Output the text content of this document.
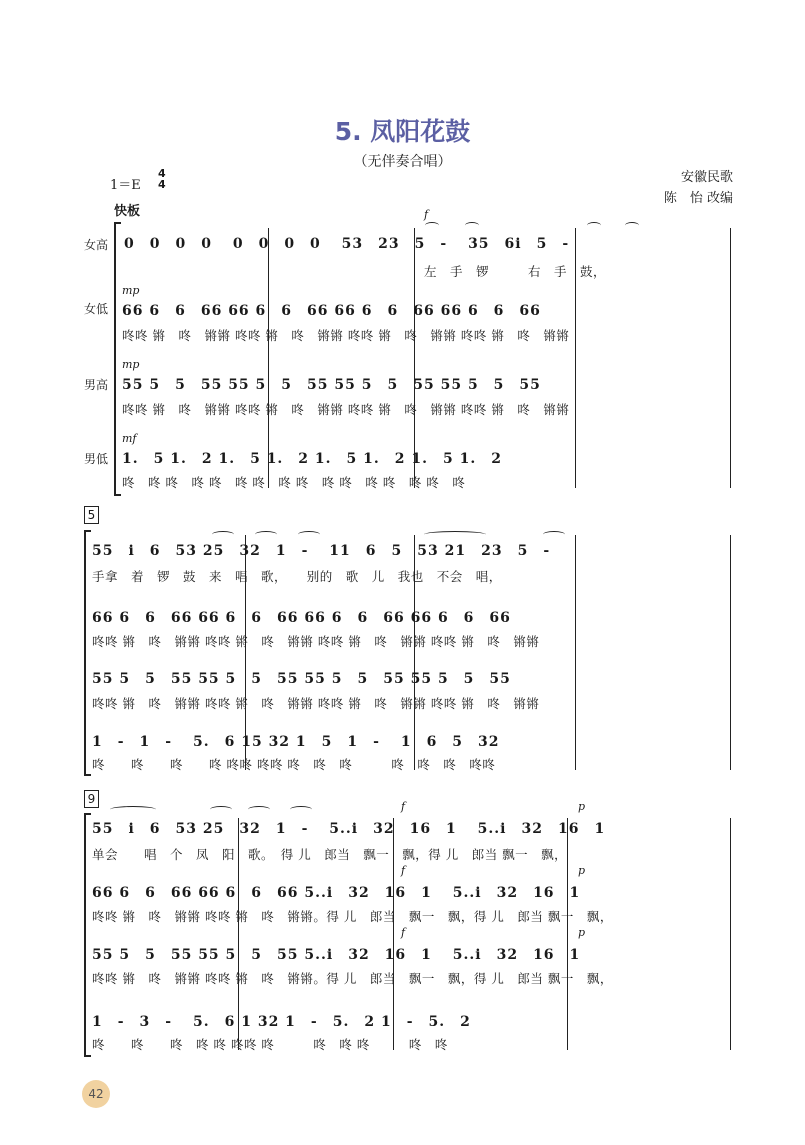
5. 凤阳花鼓
（无伴奏合唱）
安徽民歌
陈　怡 改编
1＝E
4
4
快板
女高
女低
男高
男低
f
0　0　0　0　 0　0　0　0　 53　23　5　-　 35　6i　5　-
左　手　锣　　　右　手　鼓，
mp
66 6　6　66 66 6　6　66 66 6　6　66 66 6　6　66
咚咚 锵　咚　锵锵 咚咚 锵　咚　锵锵 咚咚 锵　咚　锵锵 咚咚 锵　咚　锵锵
mp
55 5　5　55 55 5　5　55 55 5　5　55 55 5　5　55
咚咚 锵　咚　锵锵 咚咚 锵　咚　锵锵 咚咚 锵　咚　锵锵 咚咚 锵　咚　锵锵
mf
1.　5 1.　2 1.　5 1.　2 1.　5 1.　2 1.　5 1.　2
咚　咚 咚　咚 咚　咚 咚　咚 咚　咚 咚　咚 咚　咚 咚　咚
5
55　i　6　53 25　32　1　-　 11　6　5　53 21　23　5　-
手拿　着　锣　鼓　来　唱　歌，　　别的　歌　儿　我也　不会　唱，
66 6　6　66 66 6　6　66 66 6　6　66 66 6　6　66
咚咚 锵　咚　锵锵 咚咚 锵　咚　锵锵 咚咚 锵　咚　锵锵 咚咚 锵　咚　锵锵
55 5　5　55 55 5　5　55 55 5　5　55 55 5　5　55
咚咚 锵　咚　锵锵 咚咚 锵　咚　锵锵 咚咚 锵　咚　锵锵 咚咚 锵　咚　锵锵
1　-　1　-　 5.　6 15 32 1　5　1　-　 1　6　5　32
咚　　咚　　咚　　咚 咚咚 咚咚 咚　咚　咚　　　咚　咚　咚　咚咚
9
f	p
55　i　6　53 25　32　1　-　 5..i　32　16　1　 5..i　32　16　1
单会　　唱　个　凤　阳　歌。　得 儿　郎当　飘一　飘，得 儿　郎当 飘一　飘，
f	p
66 6　6　66 66 6　6　66 5..i　32　16　1　 5..i　32　16　1
咚咚 锵　咚　锵锵 咚咚 锵　咚　锵锵。得 儿　郎当　飘一　飘，得 儿　郎当 飘一　飘，
f	p
55 5　5　55 55 5　5　55 5..i　32　16　1　 5..i　32　16　1
咚咚 锵　咚　锵锵 咚咚 锵　咚　锵锵。得 儿　郎当　飘一　飘，得 儿　郎当 飘一　飘，
1　-　3　-　 5.　6 1 32 1　-　5.　2 1　-　5.　2
咚　　咚　　咚　咚 咚 咚咚 咚　　　咚　咚 咚　　　咚　咚
42
